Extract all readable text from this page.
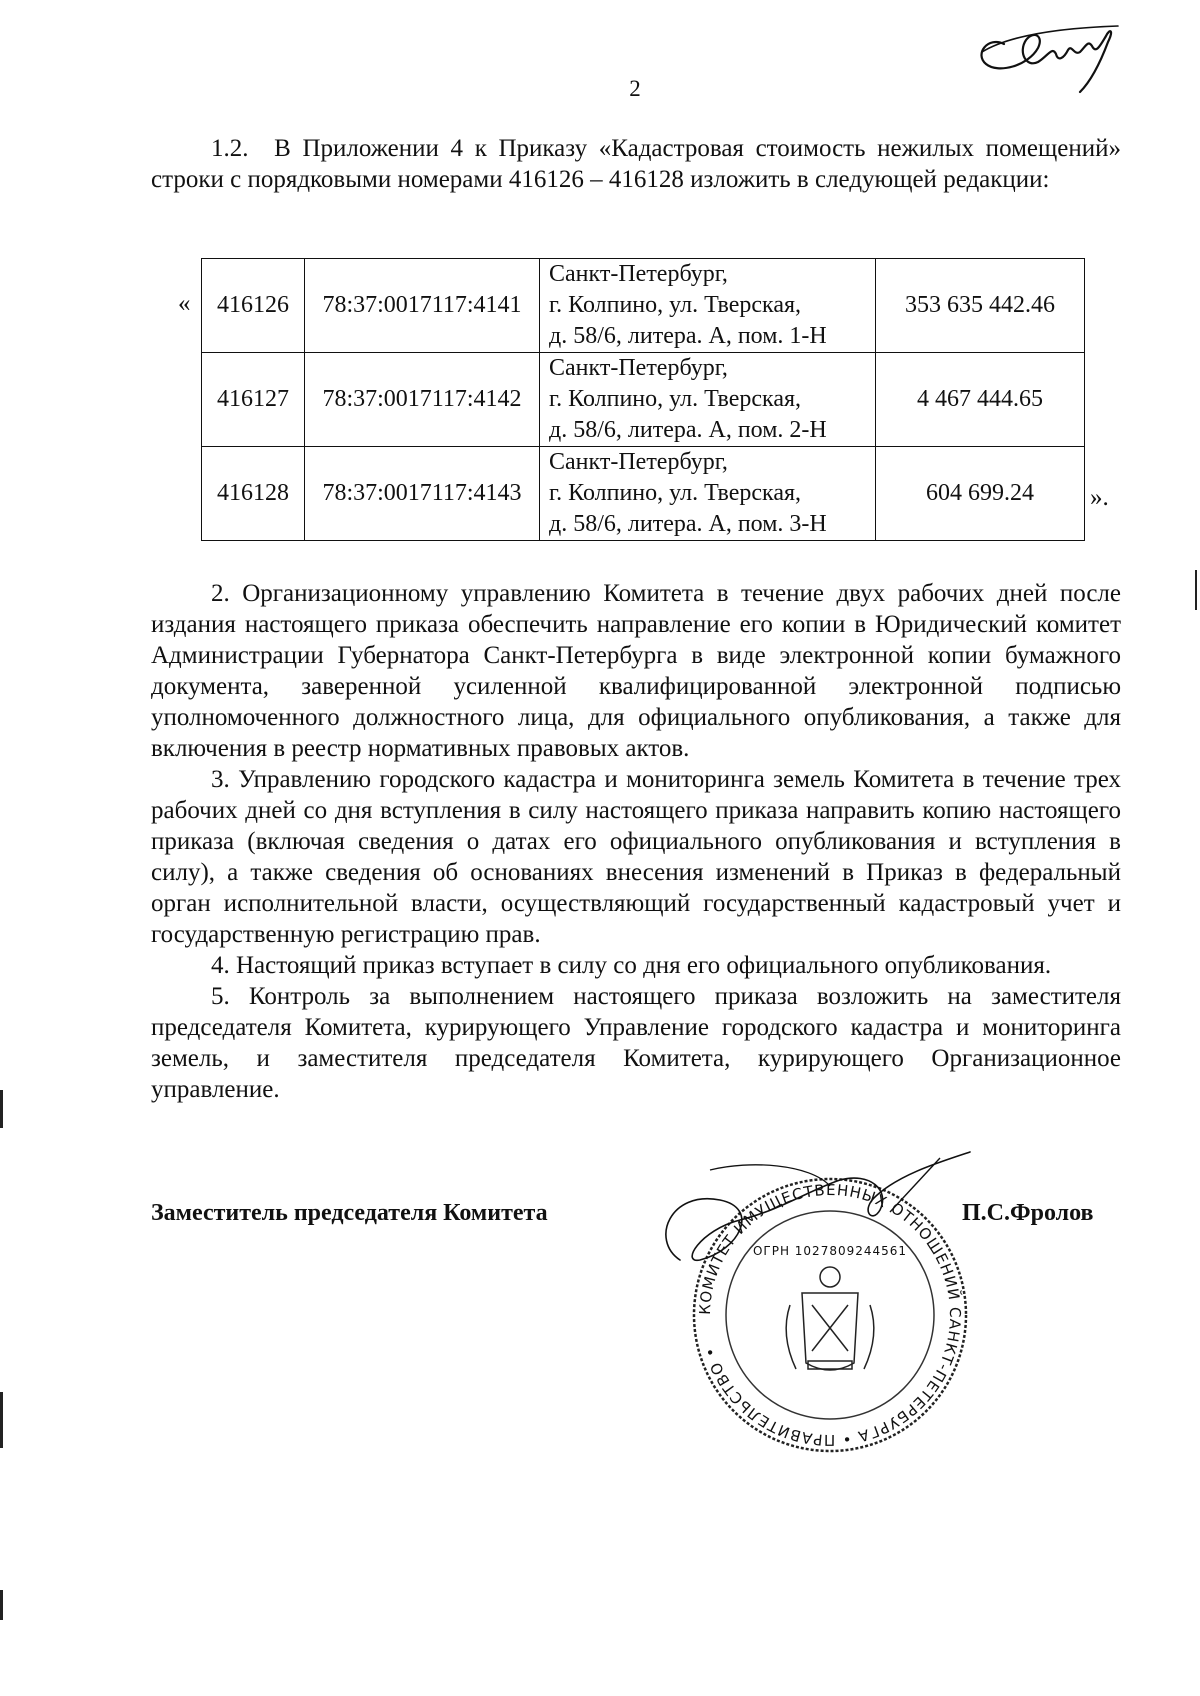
2
1.2. В Приложении 4 к Приказу «Кадастровая стоимость нежилых помещений» строки с порядковыми номерами 416126 – 416128 изложить в следующей редакции:
« 416126	78:37:0017117:4141	Санкт-Петербург,
г. Колпино, ул. Тверская,
д. 58/6, литера. А, пом. 1-Н	353 635 442.46
416127	78:37:0017117:4142	Санкт-Петербург,
г. Колпино, ул. Тверская,
д. 58/6, литера. А, пом. 2-Н	4 467 444.65
416128	78:37:0017117:4143	Санкт-Петербург,
г. Колпино, ул. Тверская,
д. 58/6, литера. А, пом. 3-Н	604 699.24 ».
2. Организационному управлению Комитета в течение двух рабочих дней после издания настоящего приказа обеспечить направление его копии в Юридический комитет Администрации Губернатора Санкт-Петербурга в виде электронной копии бумажного документа, заверенной усиленной квалифицированной электронной подписью уполномоченного должностного лица, для официального опубликования, а также для включения в реестр нормативных правовых актов.
3. Управлению городского кадастра и мониторинга земель Комитета в течение трех рабочих дней со дня вступления в силу настоящего приказа направить копию настоящего приказа (включая сведения о датах его официального опубликования и вступления в силу), а также сведения об основаниях внесения изменений в Приказ в федеральный орган исполнительной власти, осуществляющий государственный кадастровый учет и государственную регистрацию прав.
4. Настоящий приказ вступает в силу со дня его официального опубликования.
5. Контроль за выполнением настоящего приказа возложить на заместителя председателя Комитета, курирующего Управление городского кадастра и мониторинга земель, и заместителя председателя Комитета, курирующего Организационное управление.
Заместитель председателя Комитета	П.С.Фролов
КОМИТЕТ ИМУЩЕСТВЕННЫХ ОТНОШЕНИЙ САНКТ-ПЕТЕРБУРГА • ПРАВИТЕЛЬСТВО •
ОГРН 1027809244561
